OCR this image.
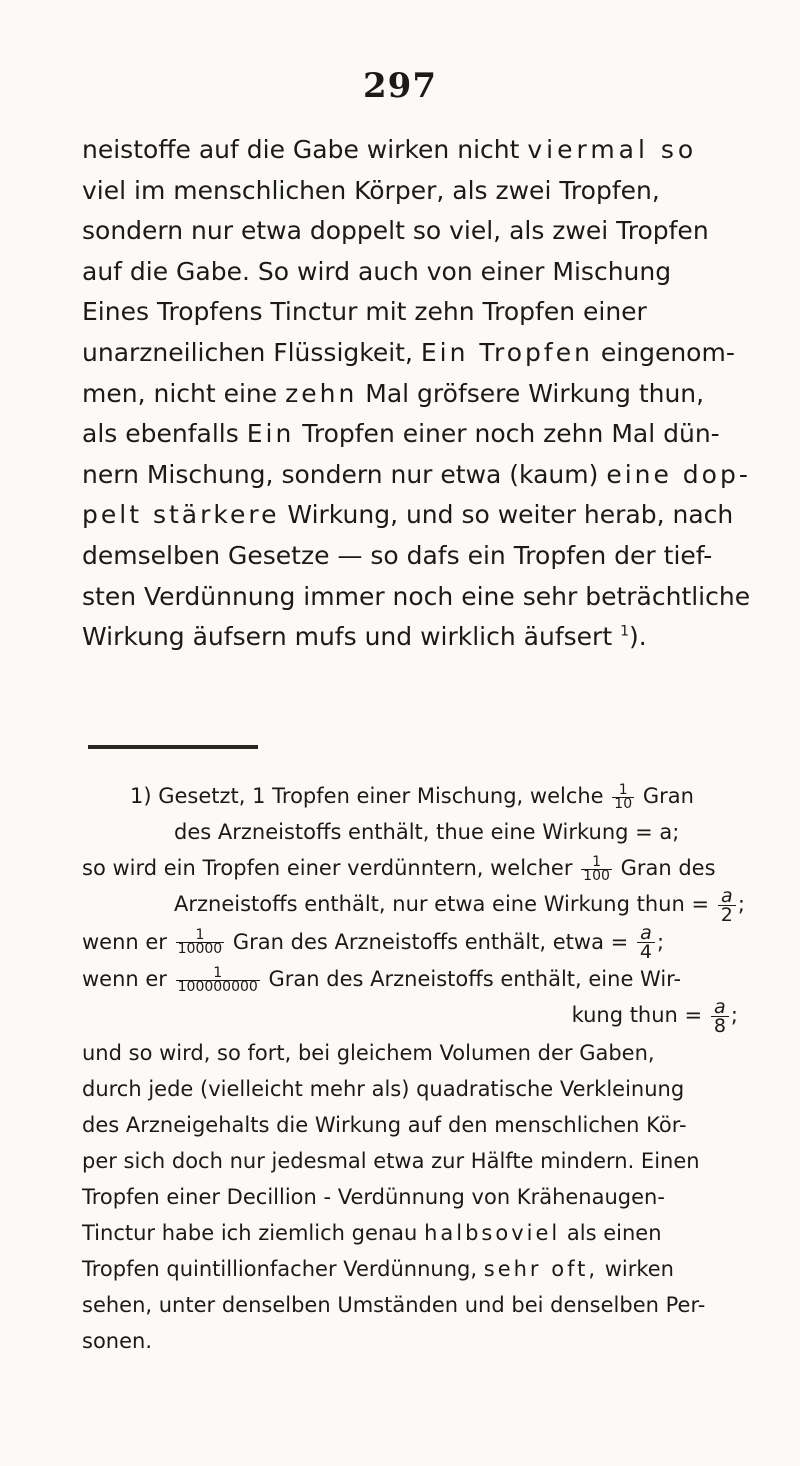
297
neistoffe auf die Gabe wirken nicht viermal so
viel im menschlichen Körper, als zwei Tropfen,
sondern nur etwa doppelt so viel, als zwei Tropfen
auf die Gabe. So wird auch von einer Mischung
Eines Tropfens Tinctur mit zehn Tropfen einer
unarzneilichen Flüssigkeit, Ein Tropfen eingenom-
men, nicht eine zehn Mal gröfsere Wirkung thun,
als ebenfalls Ein Tropfen einer noch zehn Mal dün-
nern Mischung, sondern nur etwa (kaum) eine dop-
pelt stärkere Wirkung, und so weiter herab, nach
demselben Gesetze — so dafs ein Tropfen der tief-
sten Verdünnung immer noch eine sehr beträchtliche
Wirkung äufsern mufs und wirklich äufsert $^1$).
1) Gesetzt, 1 Tropfen einer Mischung, welche $\frac{1}{10}$ Gran
des Arzneistoffs enthält, thue eine Wirkung = a;
so wird ein Tropfen einer verdünntern, welcher $\frac{1}{100}$ Gran des
Arzneistoffs enthält, nur etwa eine Wirkung thun = $\frac{a}{2}$ ;
wenn er $\frac{1}{10000}$ Gran des Arzneistoffs enthält, etwa = $\frac{a}{4}$ ;
wenn er $\frac{1}{100000000}$ Gran des Arzneistoffs enthält, eine Wir-
kung thun = $\frac{a}{8}$ ;
und so wird, so fort, bei gleichem Volumen der Gaben,
durch jede (vielleicht mehr als) quadratische Verkleinung
des Arzneigehalts die Wirkung auf den menschlichen Kör-
per sich doch nur jedesmal etwa zur Hälfte mindern. Einen
Tropfen einer Decillion - Verdünnung von Krähenaugen-
Tinctur habe ich ziemlich genau halbsoviel als einen
Tropfen quintillionfacher Verdünnung, sehr oft, wirken
sehen, unter denselben Umständen und bei denselben Per-
sonen.
